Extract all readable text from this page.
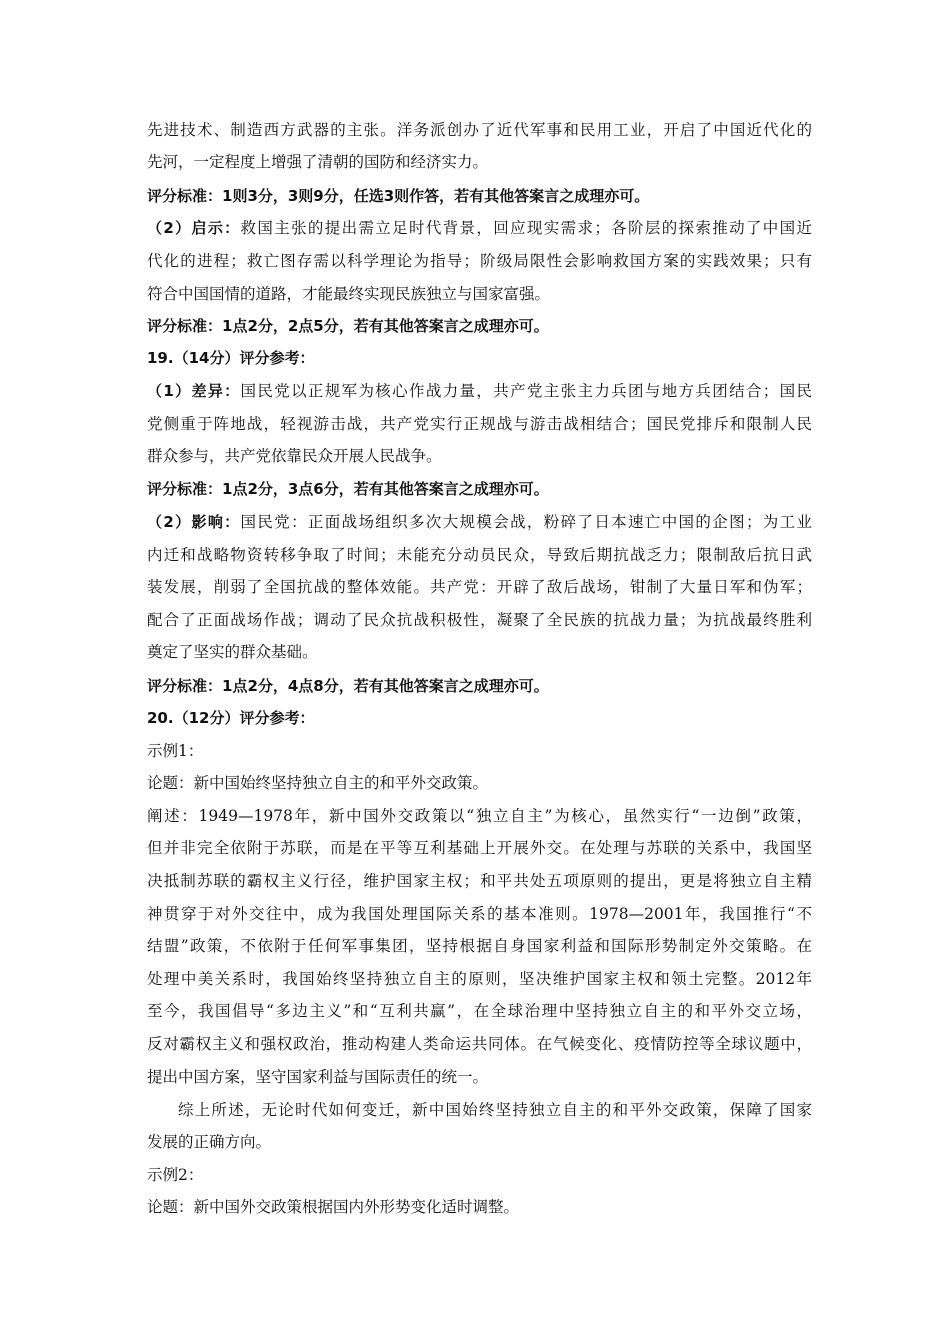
先进技术、制造西方武器的主张。洋务派创办了近代军事和民用工业，开启了中国近代化的
先河，一定程度上增强了清朝的国防和经济实力。
评分标准：1则3分，3则9分，任选3则作答，若有其他答案言之成理亦可。
（2）启示：救国主张的提出需立足时代背景，回应现实需求；各阶层的探索推动了中国近
代化的进程；救亡图存需以科学理论为指导；阶级局限性会影响救国方案的实践效果；只有
符合中国国情的道路，才能最终实现民族独立与国家富强。
评分标准：1点2分，2点5分，若有其他答案言之成理亦可。
19.（14分）评分参考：
（1）差异：国民党以正规军为核心作战力量，共产党主张主力兵团与地方兵团结合；国民
党侧重于阵地战，轻视游击战，共产党实行正规战与游击战相结合；国民党排斥和限制人民
群众参与，共产党依靠民众开展人民战争。
评分标准：1点2分，3点6分，若有其他答案言之成理亦可。
（2）影响：国民党：正面战场组织多次大规模会战，粉碎了日本速亡中国的企图；为工业
内迁和战略物资转移争取了时间；未能充分动员民众，导致后期抗战乏力；限制敌后抗日武
装发展，削弱了全国抗战的整体效能。共产党：开辟了敌后战场，钳制了大量日军和伪军；
配合了正面战场作战；调动了民众抗战积极性，凝聚了全民族的抗战力量；为抗战最终胜利
奠定了坚实的群众基础。
评分标准：1点2分，4点8分，若有其他答案言之成理亦可。
20.（12分）评分参考：
示例1：
论题：新中国始终坚持独立自主的和平外交政策。
阐述：1949—1978年，新中国外交政策以“独立自主”为核心，虽然实行“一边倒”政策，
但并非完全依附于苏联，而是在平等互利基础上开展外交。在处理与苏联的关系中，我国坚
决抵制苏联的霸权主义行径，维护国家主权；和平共处五项原则的提出，更是将独立自主精
神贯穿于对外交往中，成为我国处理国际关系的基本准则。1978—2001年，我国推行“不
结盟”政策，不依附于任何军事集团，坚持根据自身国家利益和国际形势制定外交策略。在
处理中美关系时，我国始终坚持独立自主的原则，坚决维护国家主权和领土完整。2012年
至今，我国倡导“多边主义”和“互利共赢”，在全球治理中坚持独立自主的和平外交立场，
反对霸权主义和强权政治，推动构建人类命运共同体。在气候变化、疫情防控等全球议题中，
提出中国方案，坚守国家利益与国际责任的统一。
综上所述，无论时代如何变迁，新中国始终坚持独立自主的和平外交政策，保障了国家
发展的正确方向。
示例2：
论题：新中国外交政策根据国内外形势变化适时调整。
